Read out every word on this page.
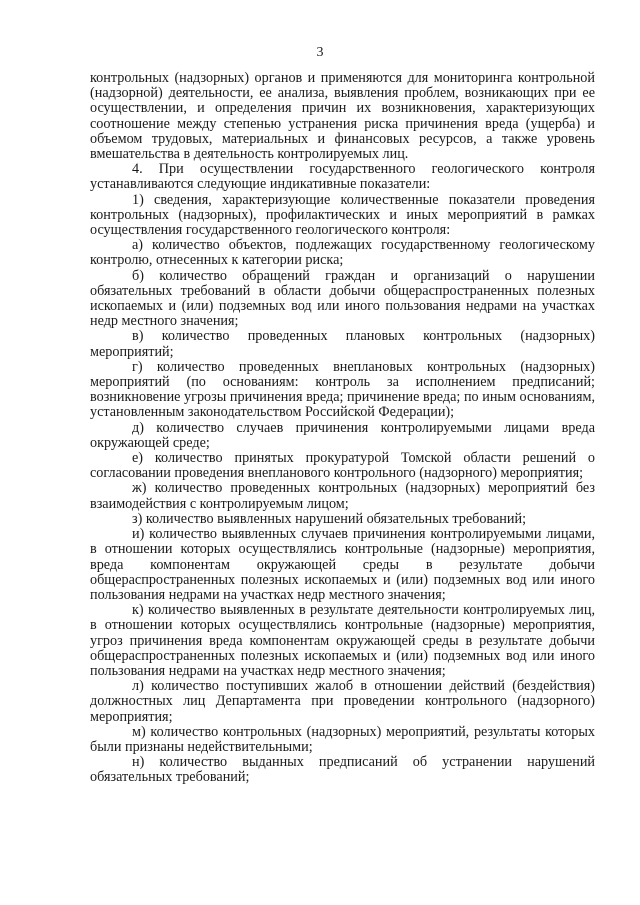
3

контрольных (надзорных) органов и применяются для мониторинга контрольной (надзорной) деятельности, ее анализа, выявления проблем, возникающих при ее осуществлении, и определения причин их возникновения, характеризующих соотношение между степенью устранения риска причинения вреда (ущерба) и объемом трудовых, материальных и финансовых ресурсов, а также уровень вмешательства в деятельность контролируемых лиц.

4. При осуществлении государственного геологического контроля устанавливаются следующие индикативные показатели:

1) сведения, характеризующие количественные показатели проведения контрольных (надзорных), профилактических и иных мероприятий в рамках осуществления государственного геологического контроля:

а) количество объектов, подлежащих государственному геологическому контролю, отнесенных к категории риска;

б) количество обращений граждан и организаций о нарушении обязательных требований в области добычи общераспространенных полезных ископаемых и (или) подземных вод или иного пользования недрами на участках недр местного значения;

в) количество проведенных плановых контрольных (надзорных) мероприятий;

г) количество проведенных внеплановых контрольных (надзорных) мероприятий (по основаниям: контроль за исполнением предписаний; возникновение угрозы причинения вреда; причинение вреда; по иным основаниям, установленным законодательством Российской Федерации);

д) количество случаев причинения контролируемыми лицами вреда окружающей среде;

е) количество принятых прокуратурой Томской области решений о согласовании проведения внепланового контрольного (надзорного) мероприятия;

ж) количество проведенных контрольных (надзорных) мероприятий без взаимодействия с контролируемым лицом;

з) количество выявленных нарушений обязательных требований;

и) количество выявленных случаев причинения контролируемыми лицами, в отношении которых осуществлялись контрольные (надзорные) мероприятия, вреда компонентам окружающей среды в результате добычи общераспространенных полезных ископаемых и (или) подземных вод или иного пользования недрами на участках недр местного значения;

к) количество выявленных в результате деятельности контролируемых лиц, в отношении которых осуществлялись контрольные (надзорные) мероприятия, угроз причинения вреда компонентам окружающей среды в результате добычи общераспространенных полезных ископаемых и (или) подземных вод или иного пользования недрами на участках недр местного значения;

л) количество поступивших жалоб в отношении действий (бездействия) должностных лиц Департамента при проведении контрольного (надзорного) мероприятия;

м) количество контрольных (надзорных) мероприятий, результаты которых были признаны недействительными;

н) количество выданных предписаний об устранении нарушений обязательных требований;
